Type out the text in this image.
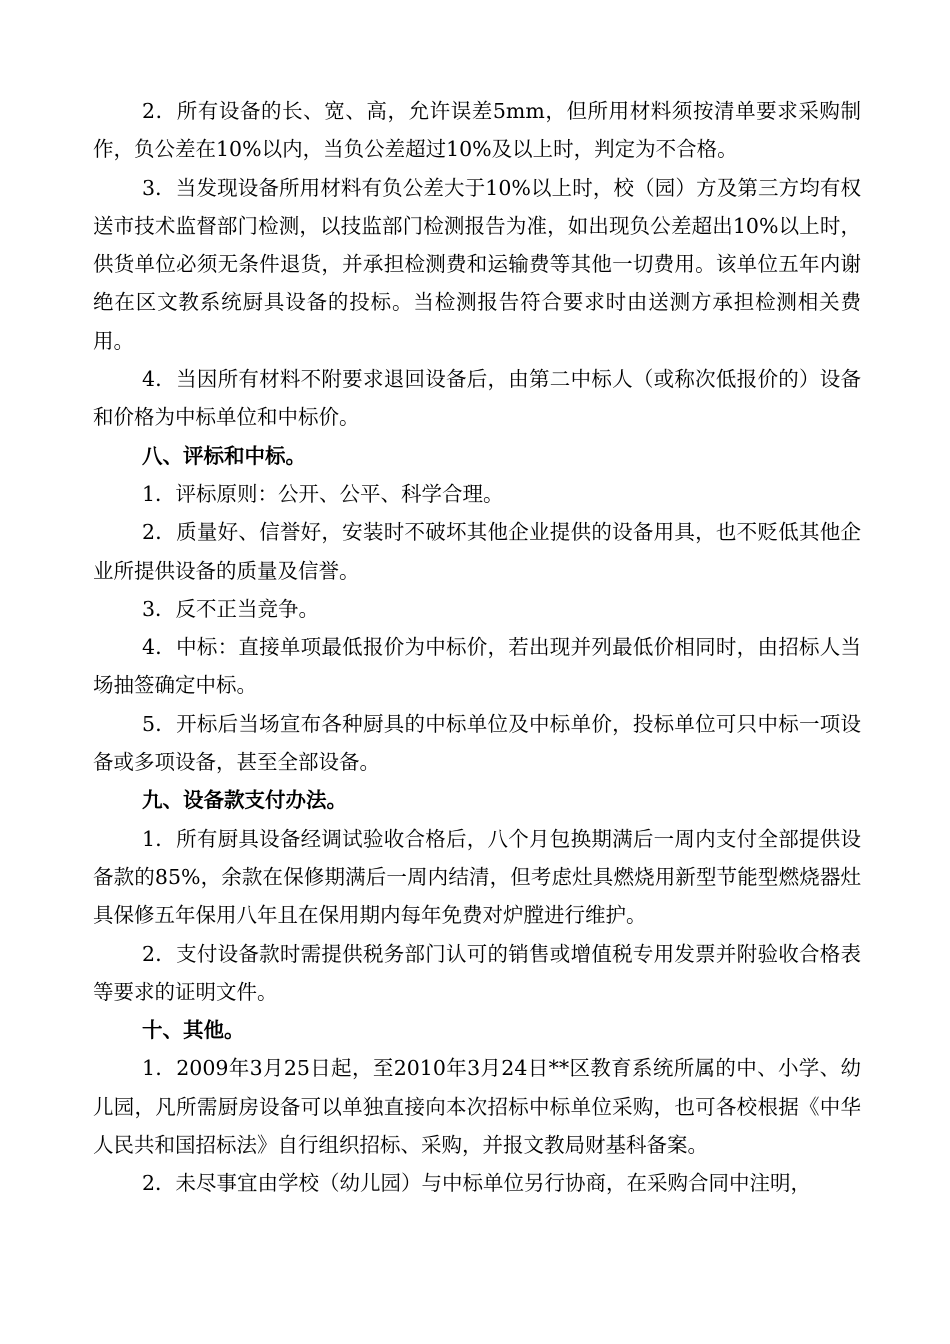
2．所有设备的长、宽、高，允许误差5mm，但所用材料须按清单要求采购制作，负公差在10%以内，当负公差超过10%及以上时，判定为不合格。

3．当发现设备所用材料有负公差大于10%以上时，校（园）方及第三方均有权送市技术监督部门检测，以技监部门检测报告为准，如出现负公差超出10%以上时，供货单位必须无条件退货，并承担检测费和运输费等其他一切费用。该单位五年内谢绝在区文教系统厨具设备的投标。当检测报告符合要求时由送测方承担检测相关费用。

4．当因所有材料不附要求退回设备后，由第二中标人（或称次低报价的）设备和价格为中标单位和中标价。

八、评标和中标。

1．评标原则：公开、公平、科学合理。

2．质量好、信誉好，安装时不破坏其他企业提供的设备用具，也不贬低其他企业所提供设备的质量及信誉。

3．反不正当竞争。

4．中标：直接单项最低报价为中标价，若出现并列最低价相同时，由招标人当场抽签确定中标。

5．开标后当场宣布各种厨具的中标单位及中标单价，投标单位可只中标一项设备或多项设备，甚至全部设备。

九、设备款支付办法。

1．所有厨具设备经调试验收合格后，八个月包换期满后一周内支付全部提供设备款的85%，余款在保修期满后一周内结清，但考虑灶具燃烧用新型节能型燃烧器灶具保修五年保用八年且在保用期内每年免费对炉膛进行维护。

2．支付设备款时需提供税务部门认可的销售或增值税专用发票并附验收合格表等要求的证明文件。

十、其他。

1．2009年3月25日起，至2010年3月24日**区教育系统所属的中、小学、幼儿园，凡所需厨房设备可以单独直接向本次招标中标单位采购，也可各校根据《中华人民共和国招标法》自行组织招标、采购，并报文教局财基科备案。

2．未尽事宜由学校（幼儿园）与中标单位另行协商，在采购合同中注明，
